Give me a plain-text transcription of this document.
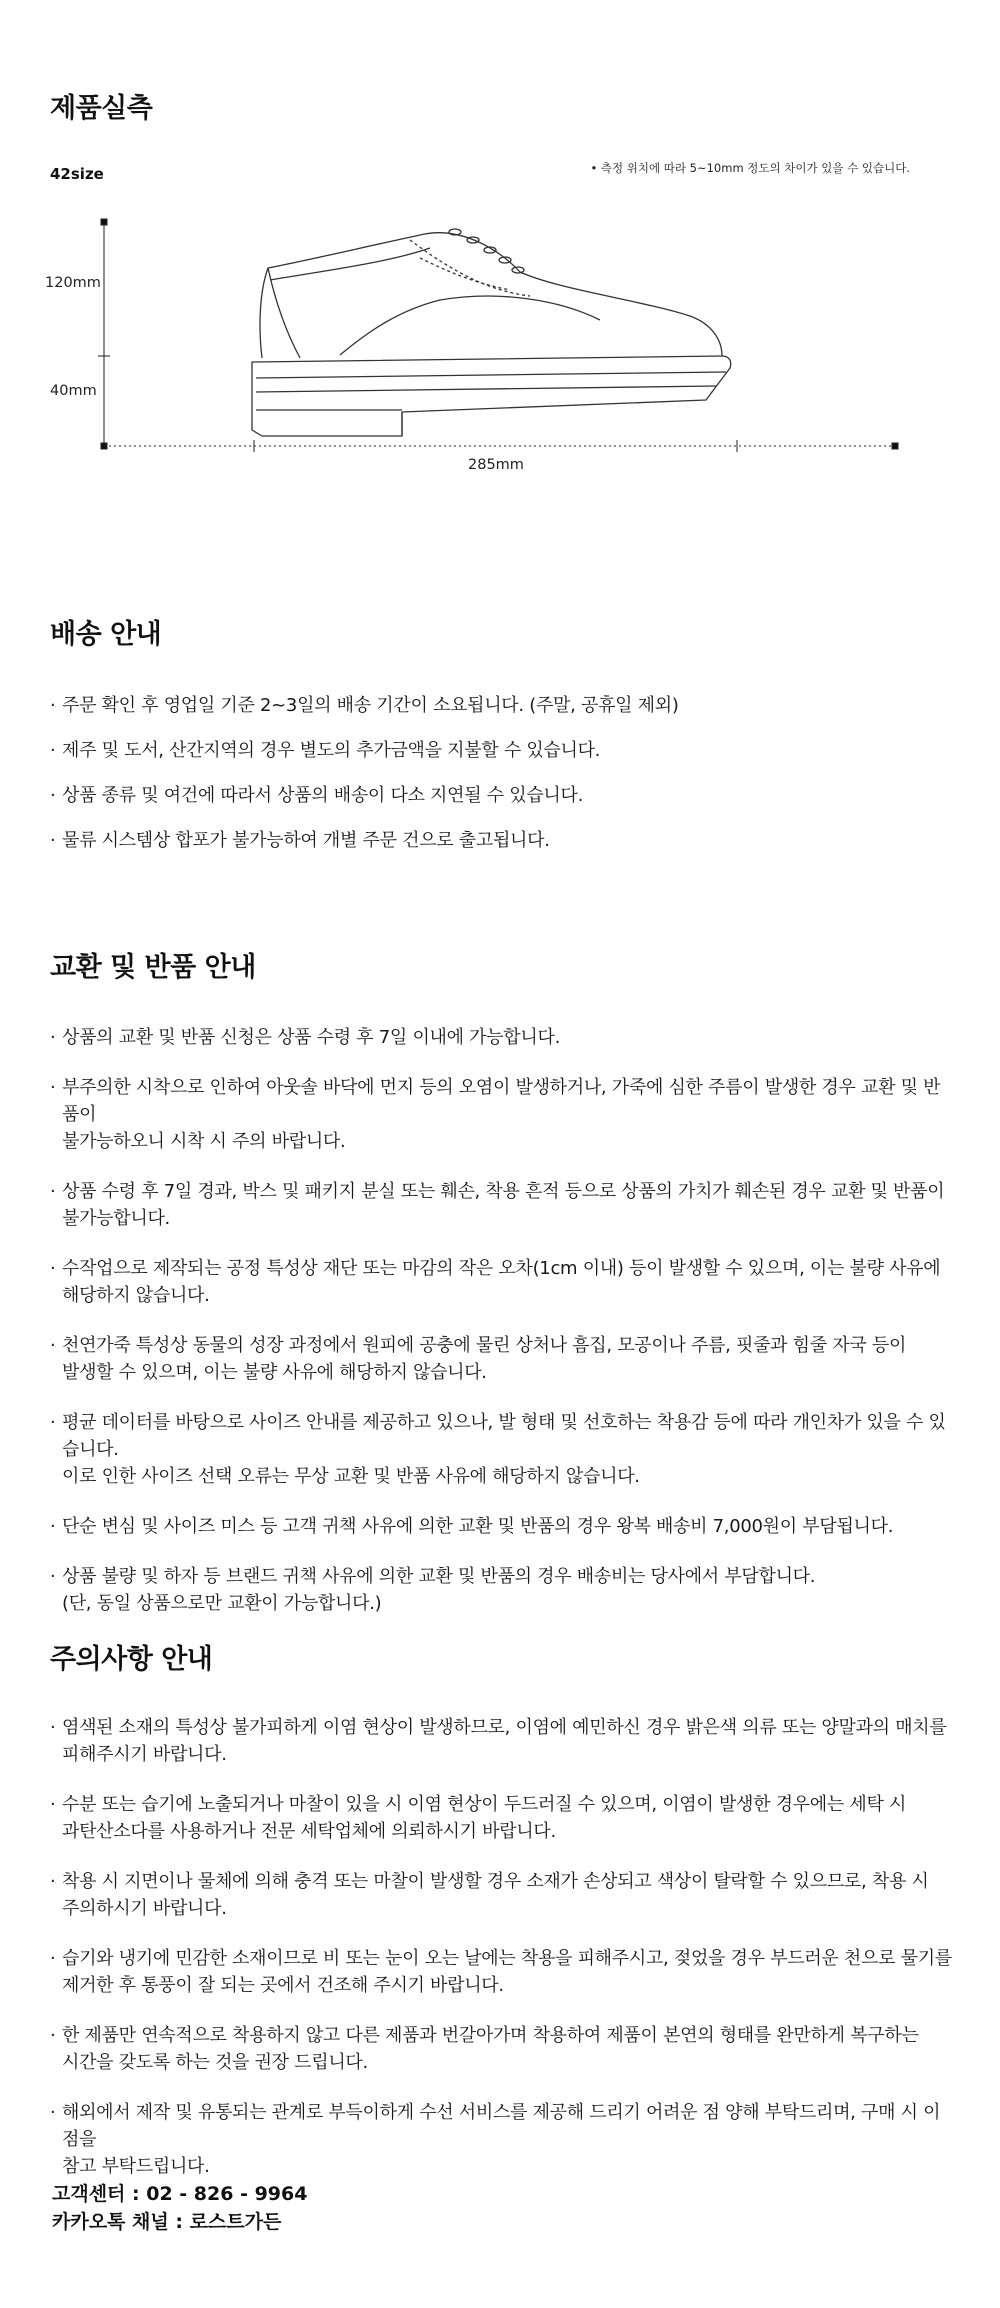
제품실측
42size	• 측정 위치에 따라 5~10mm 정도의 차이가 있을 수 있습니다.
120mm
40mm
285mm
배송 안내
· 주문 확인 후 영업일 기준 2~3일의 배송 기간이 소요됩니다. (주말, 공휴일 제외)
· 제주 및 도서, 산간지역의 경우 별도의 추가금액을 지불할 수 있습니다.
· 상품 종류 및 여건에 따라서 상품의 배송이 다소 지연될 수 있습니다.
· 물류 시스템상 합포가 불가능하여 개별 주문 건으로 출고됩니다.
교환 및 반품 안내
· 상품의 교환 및 반품 신청은 상품 수령 후 7일 이내에 가능합니다.
· 부주의한 시착으로 인하여 아웃솔 바닥에 먼지 등의 오염이 발생하거나, 가죽에 심한 주름이 발생한 경우 교환 및 반품이
불가능하오니 시착 시 주의 바랍니다.
· 상품 수령 후 7일 경과, 박스 및 패키지 분실 또는 훼손, 착용 흔적 등으로 상품의 가치가 훼손된 경우 교환 및 반품이
불가능합니다.
· 수작업으로 제작되는 공정 특성상 재단 또는 마감의 작은 오차(1cm 이내) 등이 발생할 수 있으며, 이는 불량 사유에
해당하지 않습니다.
· 천연가죽 특성상 동물의 성장 과정에서 원피에 공충에 물린 상처나 흠집, 모공이나 주름, 핏줄과 힘줄 자국 등이
발생할 수 있으며, 이는 불량 사유에 해당하지 않습니다.
· 평균 데이터를 바탕으로 사이즈 안내를 제공하고 있으나, 발 형태 및 선호하는 착용감 등에 따라 개인차가 있을 수 있습니다.
이로 인한 사이즈 선택 오류는 무상 교환 및 반품 사유에 해당하지 않습니다.
· 단순 변심 및 사이즈 미스 등 고객 귀책 사유에 의한 교환 및 반품의 경우 왕복 배송비 7,000원이 부담됩니다.
· 상품 불량 및 하자 등 브랜드 귀책 사유에 의한 교환 및 반품의 경우 배송비는 당사에서 부담합니다.
(단, 동일 상품으로만 교환이 가능합니다.)
주의사항 안내
· 염색된 소재의 특성상 불가피하게 이염 현상이 발생하므로, 이염에 예민하신 경우 밝은색 의류 또는 양말과의 매치를
피해주시기 바랍니다.
· 수분 또는 습기에 노출되거나 마찰이 있을 시 이염 현상이 두드러질 수 있으며, 이염이 발생한 경우에는 세탁 시
과탄산소다를 사용하거나 전문 세탁업체에 의뢰하시기 바랍니다.
· 착용 시 지면이나 물체에 의해 충격 또는 마찰이 발생할 경우 소재가 손상되고 색상이 탈락할 수 있으므로, 착용 시
주의하시기 바랍니다.
· 습기와 냉기에 민감한 소재이므로 비 또는 눈이 오는 날에는 착용을 피해주시고, 젖었을 경우 부드러운 천으로 물기를
제거한 후 통풍이 잘 되는 곳에서 건조해 주시기 바랍니다.
· 한 제품만 연속적으로 착용하지 않고 다른 제품과 번갈아가며 착용하여 제품이 본연의 형태를 완만하게 복구하는
시간을 갖도록 하는 것을 권장 드립니다.
· 해외에서 제작 및 유통되는 관계로 부득이하게 수선 서비스를 제공해 드리기 어려운 점 양해 부탁드리며, 구매 시 이 점을
참고 부탁드립니다.
고객센터 : 02 - 826 - 9964
카카오톡 채널 : 로스트가든
